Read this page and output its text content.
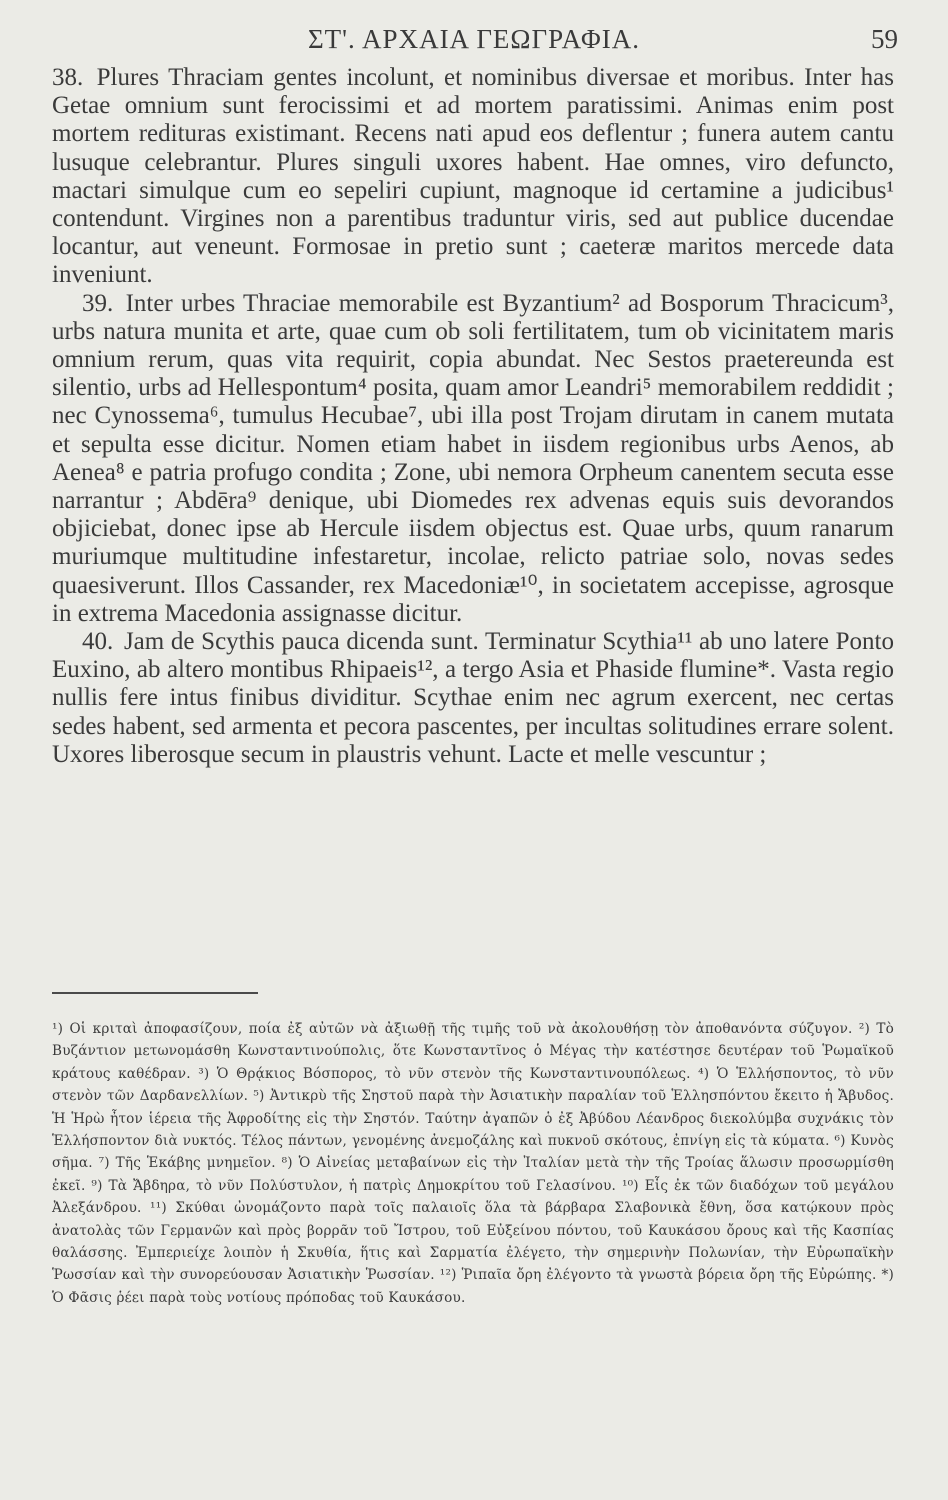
ΣΤ'. ΑΡΧΑΙΑ ΓΕΩΓΡΑΦΙΑ.	59

38. Plures Thraciam gentes incolunt, et nominibus diversae et moribus. Inter has Getae omnium sunt ferocissimi et ad mortem paratissimi. Animas enim post mortem redituras existimant. Recens nati apud eos deflentur ; funera autem cantu lusuque celebrantur. Plures singuli uxores habent. Hae omnes, viro defuncto, mactari simulque cum eo sepeliri cupiunt, magnoque id certamine a judicibus¹ contendunt. Virgines non a parentibus traduntur viris, sed aut publice ducendae locantur, aut veneunt. Formosae in pretio sunt ; caeteræ maritos mercede data inveniunt.

39. Inter urbes Thraciae memorabile est Byzantium² ad Bosporum Thracicum³, urbs natura munita et arte, quae cum ob soli fertilitatem, tum ob vicinitatem maris omnium rerum, quas vita requirit, copia abundat. Nec Sestos praetereunda est silentio, urbs ad Hellespontum⁴ posita, quam amor Leandri⁵ memorabilem reddidit ; nec Cynossema⁶, tumulus Hecubae⁷, ubi illa post Trojam dirutam in canem mutata et sepulta esse dicitur. Nomen etiam habet in iisdem regionibus urbs Aenos, ab Aenea⁸ e patria profugo condita ; Zone, ubi nemora Orpheum canentem secuta esse narrantur ; Abdēra⁹ denique, ubi Diomedes rex advenas equis suis devorandos objiciebat, donec ipse ab Hercule iisdem objectus est. Quae urbs, quum ranarum muriumque multitudine infestaretur, incolae, relicto patriae solo, novas sedes quaesiverunt. Illos Cassander, rex Macedoniæ¹⁰, in societatem accepisse, agrosque in extrema Macedonia assignasse dicitur.

40. Jam de Scythis pauca dicenda sunt. Terminatur Scythia¹¹ ab uno latere Ponto Euxino, ab altero montibus Rhipaeis¹², a tergo Asia et Phaside flumine*. Vasta regio nullis fere intus finibus dividitur. Scythae enim nec agrum exercent, nec certas sedes habent, sed armenta et pecora pascentes, per incultas solitudines errare solent. Uxores liberosque secum in plaustris vehunt. Lacte et melle vescuntur ;

¹) Οἱ κριταὶ ἀποφασίζουν, ποία ἐξ αὐτῶν νὰ ἀξιωθῇ τῆς τιμῆς τοῦ νὰ ἀκολουθήσῃ τὸν ἀποθανόντα σύζυγον. ²) Τὸ Βυζάντιον μετωνομάσθη Κωνσταντινούπολις, ὅτε Κωνσταντῖνος ὁ Μέγας τὴν κατέστησε δευτέραν τοῦ Ῥωμαϊκοῦ κράτους καθέδραν. ³) Ὁ Θρᾴκιος Βόσπορος, τὸ νῦν στενὸν τῆς Κωνσταντινουπόλεως. ⁴) Ὁ Ἑλλήσποντος, τὸ νῦν στενὸν τῶν Δαρδανελλίων. ⁵) Ἀντικρὺ τῆς Σηστοῦ παρὰ τὴν Ἀσιατικὴν παραλίαν τοῦ Ἑλλησπόντου ἔκειτο ἡ Ἄβυδος. Ἡ Ἡρὼ ἦτον ἱέρεια τῆς Ἀφροδίτης εἰς τὴν Σηστόν. Ταύτην ἀγαπῶν ὁ ἐξ Ἀβύδου Λέανδρος διεκολύμβα συχνάκις τὸν Ἑλλήσποντον διὰ νυκτός. Τέλος πάντων, γενομένης ἀνεμοζάλης καὶ πυκνοῦ σκότους, ἐπνίγη εἰς τὰ κύματα. ⁶) Κυνὸς σῆμα. ⁷) Τῆς Ἑκάβης μνημεῖον. ⁸) Ὁ Αἰνείας μεταβαίνων εἰς τὴν Ἰταλίαν μετὰ τὴν τῆς Τροίας ἅλωσιν προσωρμίσθη ἐκεῖ. ⁹) Τὰ Ἄβδηρα, τὸ νῦν Πολύστυλον, ἡ πατρὶς Δημοκρίτου τοῦ Γελασίνου. ¹⁰) Εἷς ἐκ τῶν διαδόχων τοῦ μεγάλου Ἀλεξάνδρου. ¹¹) Σκύθαι ὠνομάζοντο παρὰ τοῖς παλαιοῖς ὅλα τὰ βάρβαρα Σλαβονικὰ ἔθνη, ὅσα κατῴκουν πρὸς ἀνατολὰς τῶν Γερμανῶν καὶ πρὸς βορρᾶν τοῦ Ἴστρου, τοῦ Εὐξείνου πόντου, τοῦ Καυκάσου ὄρους καὶ τῆς Κασπίας θαλάσσης. Ἐμπεριείχε λοιπὸν ἡ Σκυθία, ἥτις καὶ Σαρματία ἐλέγετο, τὴν σημερινὴν Πολωνίαν, τὴν Εὐρωπαϊκὴν Ῥωσσίαν καὶ τὴν συνορεύουσαν Ἀσιατικὴν Ῥωσσίαν. ¹²) Ῥιπαῖα ὄρη ἐλέγοντο τὰ γνωστὰ βόρεια ὄρη τῆς Εὐρώπης. *) Ὁ Φᾶσις ῥέει παρὰ τοὺς νοτίους πρόποδας τοῦ Καυκάσου.
